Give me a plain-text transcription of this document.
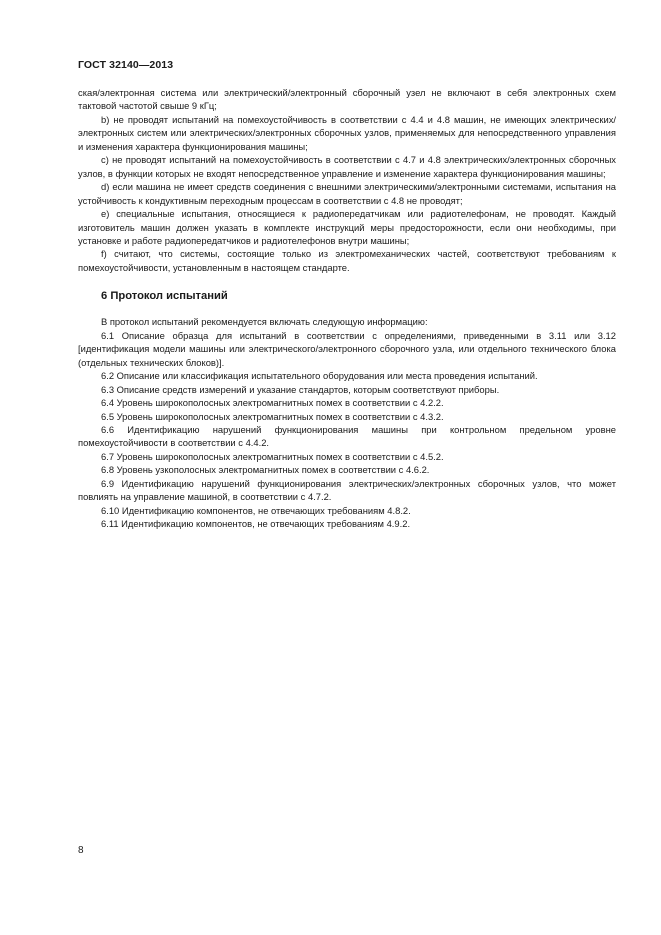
ГОСТ 32140—2013

ская/электронная система или электрический/электронный сборочный узел не включают в себя электронных схем тактовой частотой свыше 9 кГц;

b) не проводят испытаний на помехоустойчивость в соответствии с 4.4 и 4.8 машин, не имеющих электрических/электронных систем или электрических/электронных сборочных узлов, применяемых для непосредственного управления и изменения характера функционирования машины;

c) не проводят испытаний на помехоустойчивость в соответствии с 4.7 и 4.8 электрических/электронных сборочных узлов, в функции которых не входят непосредственное управление и изменение характера функционирования машины;

d) если машина не имеет средств соединения с внешними электрическими/электронными системами, испытания на устойчивость к кондуктивным переходным процессам в соответствии с 4.8 не проводят;

e) специальные испытания, относящиеся к радиопередатчикам или радиотелефонам, не проводят. Каждый изготовитель машин должен указать в комплекте инструкций меры предосторожности, если они необходимы, при установке и работе радиопередатчиков и радиотелефонов внутри машины;

f) считают, что системы, состоящие только из электромеханических частей, соответствуют требованиям к помехоустойчивости, установленным в настоящем стандарте.

6 Протокол испытаний

В протокол испытаний рекомендуется включать следующую информацию:

6.1 Описание образца для испытаний в соответствии с определениями, приведенными в 3.11 или 3.12 [идентификация модели машины или электрического/электронного сборочного узла, или отдельного технического блока (отдельных технических блоков)].

6.2 Описание или классификация испытательного оборудования или места проведения испытаний.

6.3 Описание средств измерений и указание стандартов, которым соответствуют приборы.

6.4 Уровень широкополосных электромагнитных помех в соответствии с 4.2.2.

6.5 Уровень широкополосных электромагнитных помех в соответствии с 4.3.2.

6.6 Идентификацию нарушений функционирования машины при контрольном предельном уровне помехоустойчивости в соответствии с 4.4.2.

6.7 Уровень широкополосных электромагнитных помех в соответствии с 4.5.2.

6.8 Уровень узкополосных электромагнитных помех в соответствии с 4.6.2.

6.9 Идентификацию нарушений функционирования электрических/электронных сборочных узлов, что может повлиять на управление машиной, в соответствии с 4.7.2.

6.10 Идентификацию компонентов, не отвечающих требованиям 4.8.2.

6.11 Идентификацию компонентов, не отвечающих требованиям 4.9.2.

8
